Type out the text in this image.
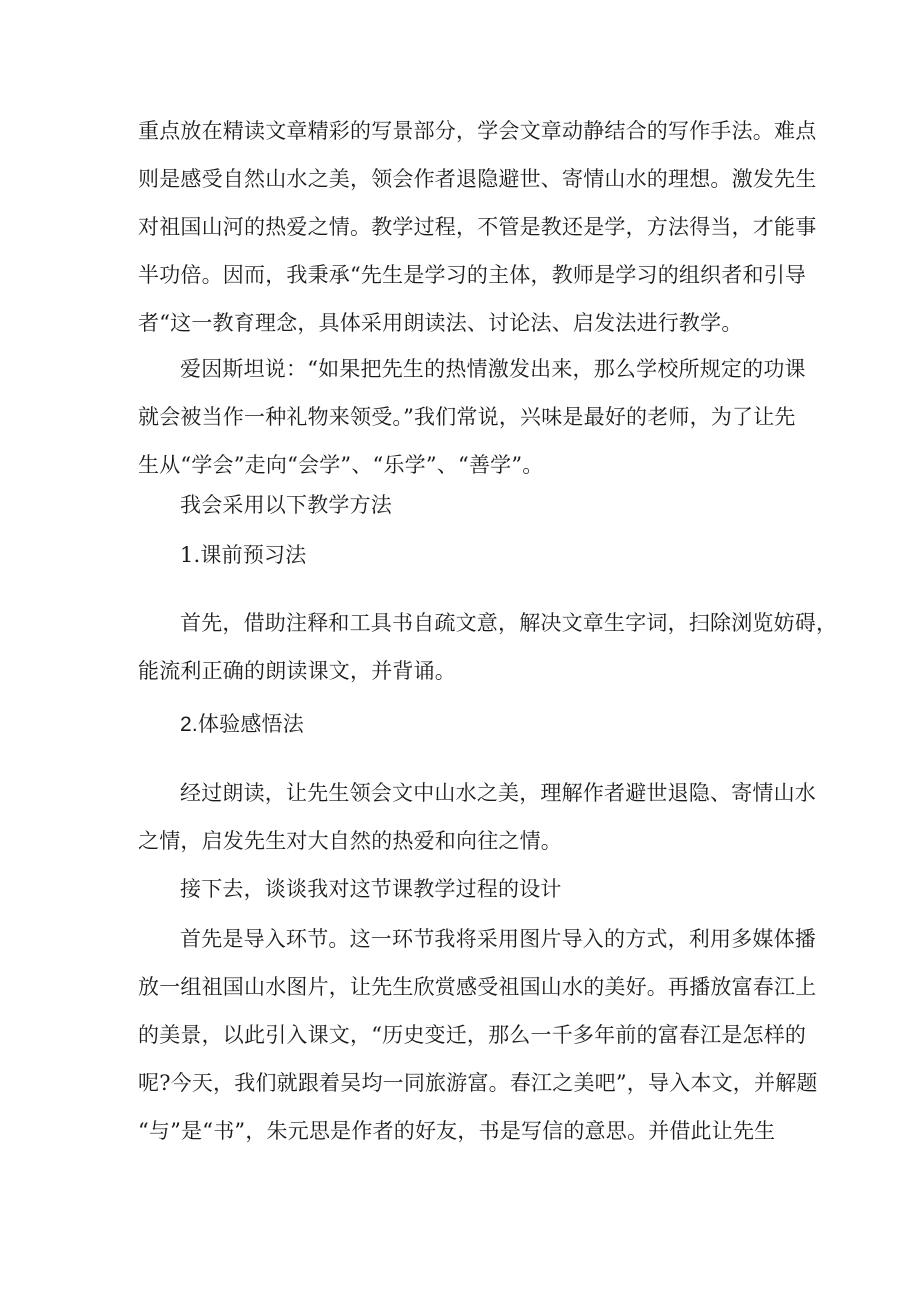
重点放在精读文章精彩的写景部分，学会文章动静结合的写作手法。难点
则是感受自然山水之美，领会作者退隐避世、寄情山水的理想。激发先生
对祖国山河的热爱之情。教学过程，不管是教还是学，方法得当，才能事
半功倍。因而，我秉承“先生是学习的主体，教师是学习的组织者和引导
者“这一教育理念，具体采用朗读法、讨论法、启发法进行教学。
爱因斯坦说：“如果把先生的热情激发出来，那么学校所规定的功课
就会被当作一种礼物来领受。”我们常说，兴味是最好的老师，为了让先
生从“学会”走向“会学”、“乐学”、“善学”。
我会采用以下教学方法
1.课前预习法
首先，借助注释和工具书自疏文意，解决文章生字词，扫除浏览妨碍，
能流利正确的朗读课文，并背诵。
2.体验感悟法
经过朗读，让先生领会文中山水之美，理解作者避世退隐、寄情山水
之情，启发先生对大自然的热爱和向往之情。
接下去，谈谈我对这节课教学过程的设计
首先是导入环节。这一环节我将采用图片导入的方式，利用多媒体播
放一组祖国山水图片，让先生欣赏感受祖国山水的美好。再播放富春江上
的美景，以此引入课文，“历史变迁，那么一千多年前的富春江是怎样的
呢?今天，我们就跟着吴均一同旅游富。春江之美吧”，导入本文，并解题
“与”是“书”，朱元思是作者的好友，书是写信的意思。并借此让先生
